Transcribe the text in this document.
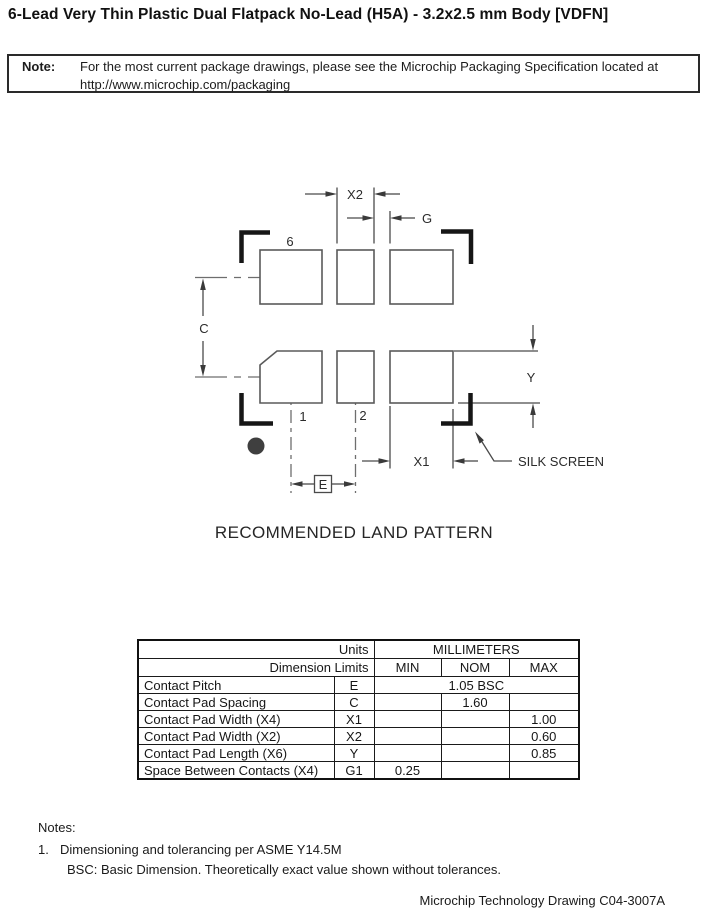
6-Lead Very Thin Plastic Dual Flatpack No-Lead (H5A) - 3.2x2.5 mm Body [VDFN]
Note:	For the most current package drawings, please see the Microchip Packaging Specification located at
http://www.microchip.com/packaging
X2
G
C
Y
X1
E
6
1	2
SILK SCREEN
RECOMMENDED LAND PATTERN
Units		MILLIMETERS		
Dimension Limits		MIN	NOM	MAX
Contact Pitch	E	1.05 BSC		
Contact Pad Spacing	C		1.60	
Contact Pad Width (X4)	X1			1.00
Contact Pad Width (X2)	X2			0.60
Contact Pad Length (X6)	Y			0.85
Space Between Contacts (X4)	G1	0.25		
Notes:
1. Dimensioning and tolerancing per ASME Y14.5M
BSC: Basic Dimension. Theoretically exact value shown without tolerances.
Microchip Technology Drawing C04-3007A
